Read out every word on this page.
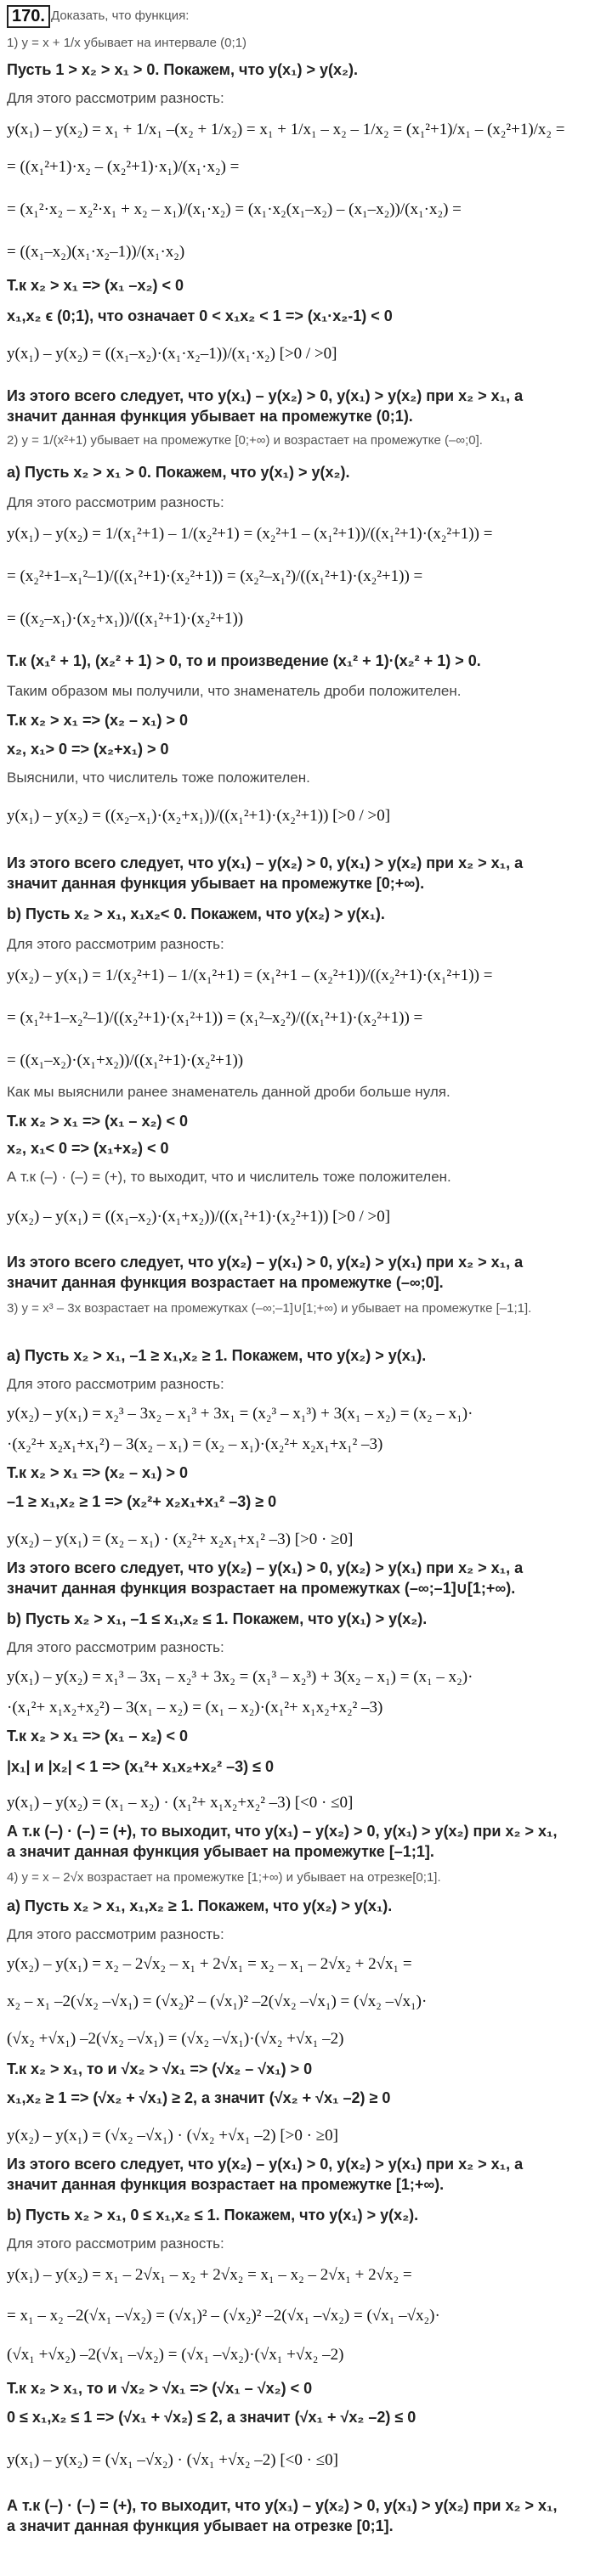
170. Доказать, что функция:
1) y = x + 1/x убывает на интервале (0;1)
Пусть 1 > x₂ > x₁ > 0. Покажем, что y(x₁) > y(x₂).
Для этого рассмотрим разность:
y(x₁) – y(x₂) = x₁ + 1/x₁ –(x₂ + 1/x₂) = x₁ + 1/x₁ – x₂ – 1/x₂ = (x₁²+1)/x₁ – (x₂²+1)/x₂ =
= ((x₁²+1)·x₂ – (x₂²+1)·x₁)/(x₁·x₂) =
= (x₁²·x₂ – x₂²·x₁ + x₂ – x₁)/(x₁·x₂) = (x₁·x₂(x₁–x₂) – (x₁–x₂))/(x₁·x₂) =
= ((x₁–x₂)(x₁·x₂–1))/(x₁·x₂)
Т.к x₂ > x₁ => (x₁ –x₂) < 0
x₁,x₂ ϵ (0;1), что означает 0 < x₁x₂ < 1 => (x₁·x₂-1) < 0
y(x₁) – y(x₂) = ((x₁–x₂)·(x₁·x₂–1))/(x₁·x₂) [>0 / >0]
Из этого всего следует, что y(x₁) – y(x₂) > 0, y(x₁) > y(x₂) при x₂ > x₁, а
значит данная функция убывает на промежутке (0;1).
2) y = 1/(x²+1) убывает на промежутке [0;+∞) и возрастает на промежутке (–∞;0].
a) Пусть x₂ > x₁ > 0. Покажем, что y(x₁) > y(x₂).
Для этого рассмотрим разность:
y(x₁) – y(x₂) = 1/(x₁²+1) – 1/(x₂²+1) = (x₂²+1 – (x₁²+1))/((x₁²+1)·(x₂²+1)) =
= (x₂²+1–x₁²–1)/((x₁²+1)·(x₂²+1)) = (x₂²–x₁²)/((x₁²+1)·(x₂²+1)) =
= ((x₂–x₁)·(x₂+x₁))/((x₁²+1)·(x₂²+1))
Т.к (x₁² + 1), (x₂² + 1) > 0, то и произведение (x₁² + 1)·(x₂² + 1) > 0.
Таким образом мы получили, что знаменатель дроби положителен.
Т.к x₂ > x₁ => (x₂ – x₁) > 0
x₂, x₁> 0 => (x₂+x₁) > 0
Выяснили, что числитель тоже положителен.
y(x₁) – y(x₂) = ((x₂–x₁)·(x₂+x₁))/((x₁²+1)·(x₂²+1)) [>0 / >0]
Из этого всего следует, что y(x₁) – y(x₂) > 0, y(x₁) > y(x₂) при x₂ > x₁, а
значит данная функция убывает на промежутке [0;+∞).
b) Пусть x₂ > x₁, x₁x₂< 0. Покажем, что y(x₂) > y(x₁).
Для этого рассмотрим разность:
y(x₂) – y(x₁) = 1/(x₂²+1) – 1/(x₁²+1) = (x₁²+1 – (x₂²+1))/((x₂²+1)·(x₁²+1)) =
= (x₁²+1–x₂²–1)/((x₂²+1)·(x₁²+1)) = (x₁²–x₂²)/((x₁²+1)·(x₂²+1)) =
= ((x₁–x₂)·(x₁+x₂))/((x₁²+1)·(x₂²+1))
Как мы выяснили ранее знаменатель данной дроби больше нуля.
Т.к x₂ > x₁ => (x₁ – x₂) < 0
x₂, x₁< 0 => (x₁+x₂) < 0
А т.к (–) · (–) = (+), то выходит, что и числитель тоже положителен.
y(x₂) – y(x₁) = ((x₁–x₂)·(x₁+x₂))/((x₁²+1)·(x₂²+1)) [>0 / >0]
Из этого всего следует, что y(x₂) – y(x₁) > 0, y(x₂) > y(x₁) при x₂ > x₁, а
значит данная функция возрастает на промежутке (–∞;0].
3) y = x³ – 3x возрастает на промежутках (–∞;–1]∪[1;+∞) и убывает на промежутке [–1;1].
a) Пусть x₂ > x₁, –1 ≥ x₁,x₂ ≥ 1. Покажем, что y(x₂) > y(x₁).
Для этого рассмотрим разность:
y(x₂) – y(x₁) = x₂³ – 3x₂ – x₁³ + 3x₁ = (x₂³ – x₁³) + 3(x₁ – x₂) = (x₂ – x₁)·
·(x₂²+ x₂x₁+x₁²) – 3(x₂ – x₁) = (x₂ – x₁)·(x₂²+ x₂x₁+x₁² –3)
Т.к x₂ > x₁ => (x₂ – x₁) > 0
–1 ≥ x₁,x₂ ≥ 1 => (x₂²+ x₂x₁+x₁² –3) ≥ 0
y(x₂) – y(x₁) = (x₂ – x₁) · (x₂²+ x₂x₁+x₁² –3) [>0 · ≥0]
Из этого всего следует, что y(x₂) – y(x₁) > 0, y(x₂) > y(x₁) при x₂ > x₁, а
значит данная функция возрастает на промежутках (–∞;–1]∪[1;+∞).
b) Пусть x₂ > x₁, –1 ≤ x₁,x₂ ≤ 1. Покажем, что y(x₁) > y(x₂).
Для этого рассмотрим разность:
y(x₁) – y(x₂) = x₁³ – 3x₁ – x₂³ + 3x₂ = (x₁³ – x₂³) + 3(x₂ – x₁) = (x₁ – x₂)·
·(x₁²+ x₁x₂+x₂²) – 3(x₁ – x₂) = (x₁ – x₂)·(x₁²+ x₁x₂+x₂² –3)
Т.к x₂ > x₁ => (x₁ – x₂) < 0
|x₁| и |x₂| < 1 => (x₁²+ x₁x₂+x₂² –3) ≤ 0
y(x₁) – y(x₂) = (x₁ – x₂) · (x₁²+ x₁x₂+x₂² –3) [<0 · ≤0]
А т.к (–) · (–) = (+), то выходит, что y(x₁) – y(x₂) > 0, y(x₁) > y(x₂) при x₂ > x₁,
а значит данная функция убывает на промежутке [–1;1].
4) y = x – 2√x возрастает на промежутке [1;+∞) и убывает на отрезке[0;1].
a) Пусть x₂ > x₁, x₁,x₂ ≥ 1. Покажем, что y(x₂) > y(x₁).
Для этого рассмотрим разность:
y(x₂) – y(x₁) = x₂ – 2√x₂ – x₁ + 2√x₁ = x₂ – x₁ – 2√x₂ + 2√x₁ =
x₂ – x₁ –2(√x₂ –√x₁) = (√x₂)² – (√x₁)² –2(√x₂ –√x₁) = (√x₂ –√x₁)·
(√x₂ +√x₁) –2(√x₂ –√x₁) = (√x₂ –√x₁)·(√x₂ +√x₁ –2)
Т.к x₂ > x₁, то и √x₂ > √x₁ => (√x₂ – √x₁) > 0
x₁,x₂ ≥ 1 => (√x₂ + √x₁) ≥ 2, а значит (√x₂ + √x₁ –2) ≥ 0
y(x₂) – y(x₁) = (√x₂ –√x₁) · (√x₂ +√x₁ –2) [>0 · ≥0]
Из этого всего следует, что y(x₂) – y(x₁) > 0, y(x₂) > y(x₁) при x₂ > x₁, а
значит данная функция возрастает на промежутке [1;+∞).
b) Пусть x₂ > x₁, 0 ≤ x₁,x₂ ≤ 1. Покажем, что y(x₁) > y(x₂).
Для этого рассмотрим разность:
y(x₁) – y(x₂) = x₁ – 2√x₁ – x₂ + 2√x₂ = x₁ – x₂ – 2√x₁ + 2√x₂ =
= x₁ – x₂ –2(√x₁ –√x₂) = (√x₁)² – (√x₂)² –2(√x₁ –√x₂) = (√x₁ –√x₂)·
(√x₁ +√x₂) –2(√x₁ –√x₂) = (√x₁ –√x₂)·(√x₁ +√x₂ –2)
Т.к x₂ > x₁, то и √x₂ > √x₁ => (√x₁ – √x₂) < 0
0 ≤ x₁,x₂ ≤ 1 => (√x₁ + √x₂) ≤ 2, а значит (√x₁ + √x₂ –2) ≤ 0
y(x₁) – y(x₂) = (√x₁ –√x₂) · (√x₁ +√x₂ –2) [<0 · ≤0]
А т.к (–) · (–) = (+), то выходит, что y(x₁) – y(x₂) > 0, y(x₁) > y(x₂) при x₂ > x₁,
а значит данная функция убывает на отрезке [0;1].
